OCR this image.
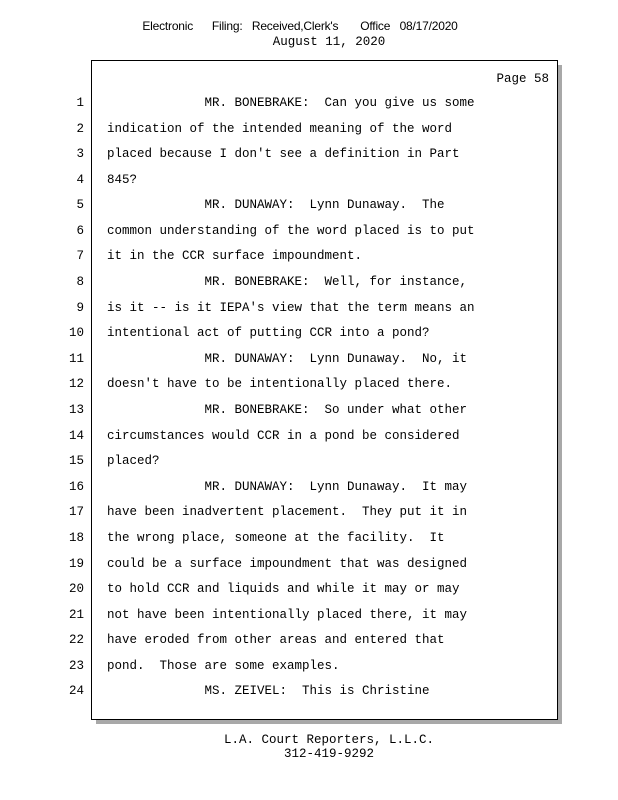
Electronic      Filing:   Received,Clerk's       Office   08/17/2020
August 11, 2020
Page 58
1 MR. BONEBRAKE:  Can you give us some
2 indication of the intended meaning of the word
3 placed because I don't see a definition in Part
4 845?
5 MR. DUNAWAY:  Lynn Dunaway.  The
6 common understanding of the word placed is to put
7 it in the CCR surface impoundment.
8 MR. BONEBRAKE:  Well, for instance,
9 is it -- is it IEPA's view that the term means an
10 intentional act of putting CCR into a pond?
11 MR. DUNAWAY:  Lynn Dunaway.  No, it
12 doesn't have to be intentionally placed there.
13 MR. BONEBRAKE:  So under what other
14 circumstances would CCR in a pond be considered
15 placed?
16 MR. DUNAWAY:  Lynn Dunaway.  It may
17 have been inadvertent placement.  They put it in
18 the wrong place, someone at the facility.  It
19 could be a surface impoundment that was designed
20 to hold CCR and liquids and while it may or may
21 not have been intentionally placed there, it may
22 have eroded from other areas and entered that
23 pond.  Those are some examples.
24 MS. ZEIVEL:  This is Christine
L.A. Court Reporters, L.L.C.
312-419-9292
